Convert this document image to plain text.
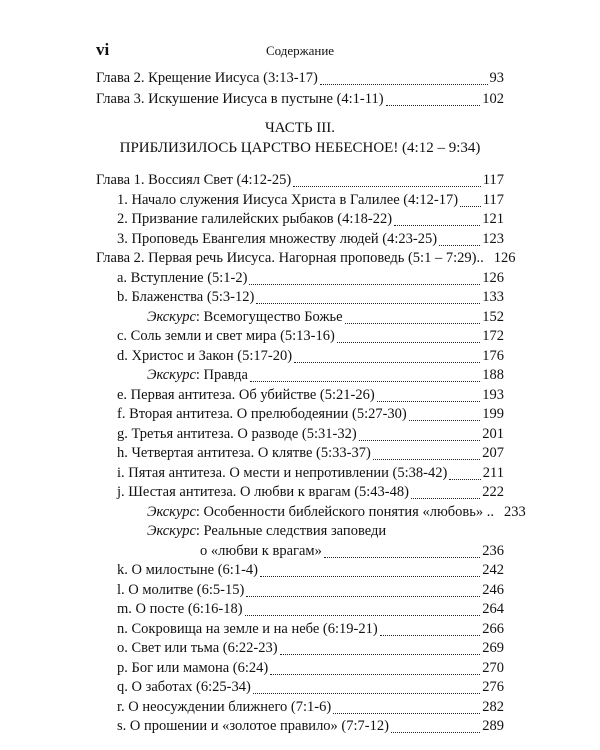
vi	Содержание
Глава 2. Крещение Иисуса (3:13-17)	93
Глава 3. Искушение Иисуса в пустыне (4:1-11)	102
ЧАСТЬ III.
ПРИБЛИЗИЛОСЬ ЦАРСТВО НЕБЕСНОЕ! (4:12 – 9:34)
Глава 1. Воссиял Свет (4:12-25)	117
1. Начало служения Иисуса Христа в Галилее (4:12-17) 117
2. Призвание галилейских рыбаков (4:18-22)	121
3. Проповедь Евангелия множеству людей (4:23-25)	123
Глава 2. Первая речь Иисуса. Нагорная проповедь (5:1 – 7:29).. 126
a. Вступление (5:1-2)	126
b. Блаженства (5:3-12)	133
Экскурс: Всемогущество Божье	152
c. Соль земли и свет мира (5:13-16)	172
d. Христос и Закон (5:17-20)	176
Экскурс: Правда	188
e. Первая антитеза. Об убийстве (5:21-26)	193
f. Вторая антитеза. О прелюбодеянии (5:27-30)	199
g. Третья антитеза. О разводе (5:31-32)	201
h. Четвертая антитеза. О клятве (5:33-37)	207
i. Пятая антитеза. О мести и непротивлении (5:38-42) 211
j. Шестая антитеза. О любви к врагам (5:43-48)	222
Экскурс: Особенности библейского понятия «любовь» .. 233
Экскурс: Реальные следствия заповеди
о «любви к врагам»	236
k. О милостыне (6:1-4)	242
l. О молитве (6:5-15)	246
m. О посте (6:16-18)	264
n. Сокровища на земле и на небе (6:19-21)	266
o. Свет или тьма (6:22-23)	269
p. Бог или мамона (6:24)	270
q. О заботах (6:25-34)	276
r. О неосуждении ближнего (7:1-6)	282
s. О прошении и «золотое правило» (7:7-12)	289
